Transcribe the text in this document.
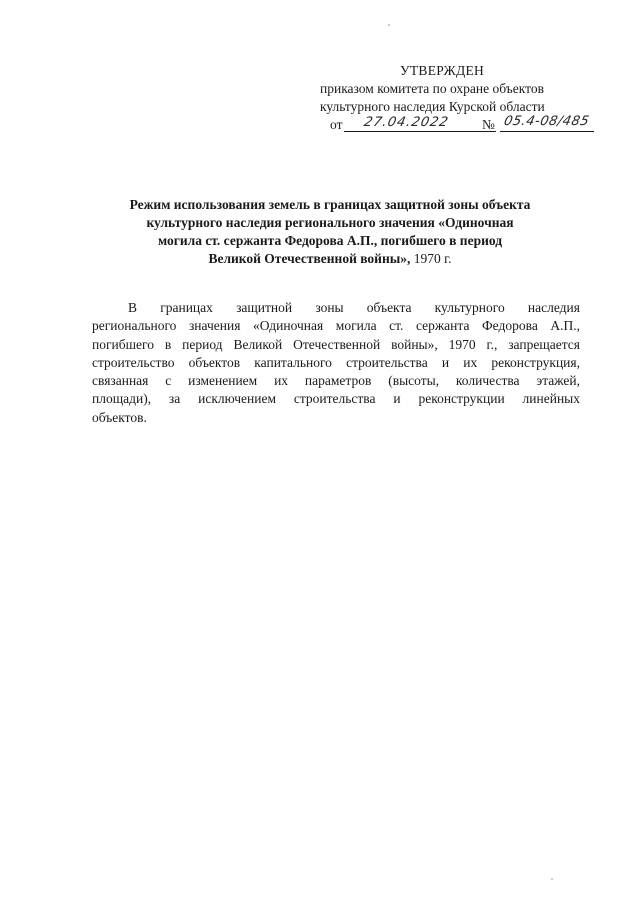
УТВЕРЖДЕН
приказом комитета по охране объектов
культурного наследия Курской области
от 27.04.2022 № 05.4-08/485
Режим использования земель в границах защитной зоны объекта
культурного наследия регионального значения «Одиночная
могила ст. сержанта Федорова А.П., погибшего в период
Великой Отечественной войны», 1970 г.
В границах защитной зоны объекта культурного наследия
регионального значения «Одиночная могила ст. сержанта Федорова А.П.,
погибшего в период Великой Отечественной войны», 1970 г., запрещается
строительство объектов капитального строительства и их реконструкция,
связанная с изменением их параметров (высоты, количества этажей,
площади), за исключением строительства и реконструкции линейных
объектов.
